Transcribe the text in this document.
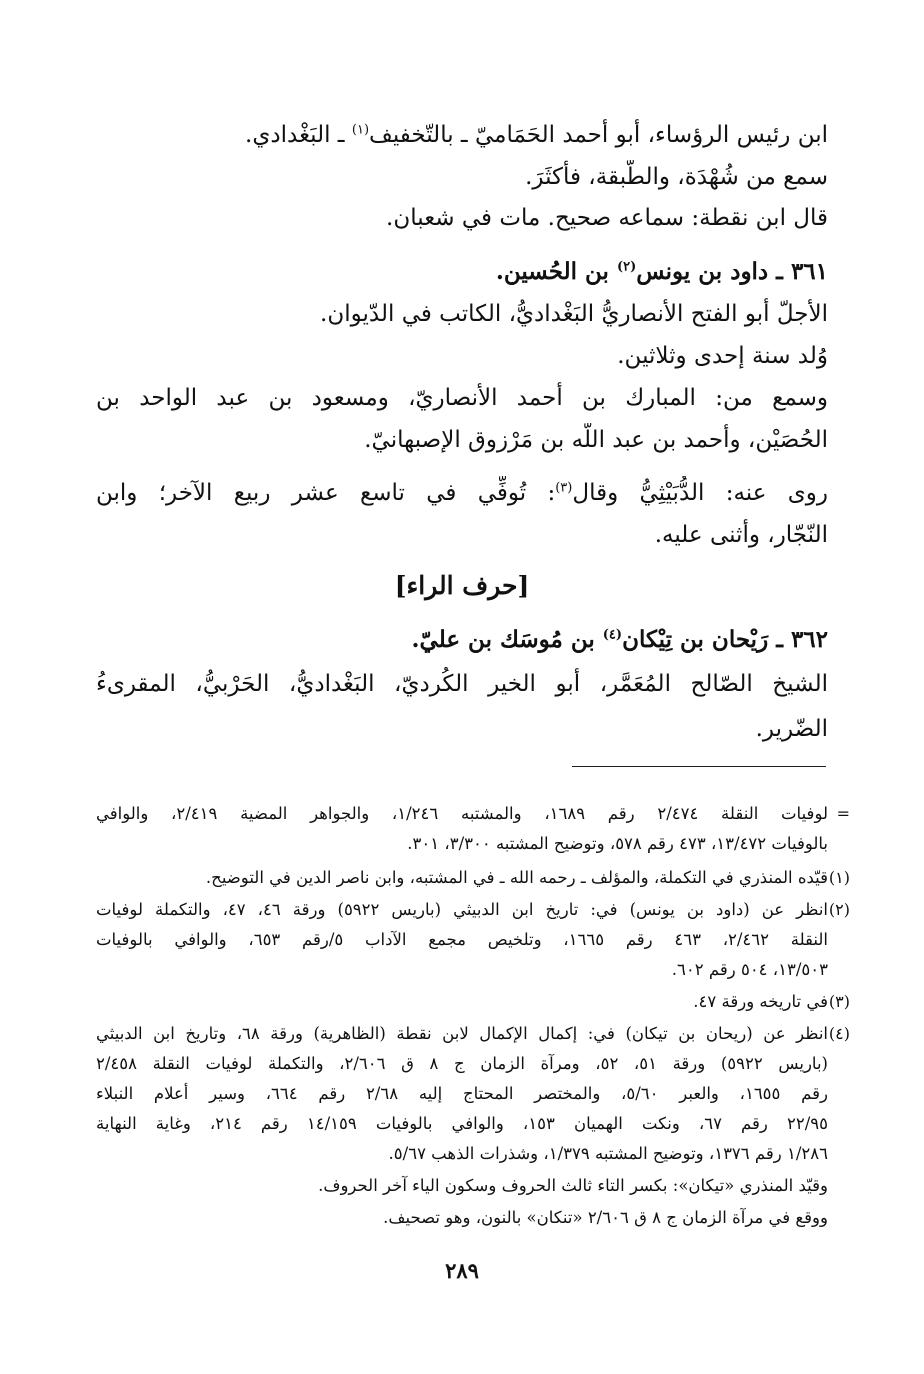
ابن رئيس الرؤساء، أبو أحمد الحَمَاميّ ـ بالتّخفيف$^{(١)}$ ـ البَغْدادي.
سمع من شُهْدَة، والطّبقة، فأكثَرَ.
قال ابن نقطة: سماعه صحيح. مات في شعبان.
٣٦١ ـ داود بن يونس$^{(٢)}$ بن الحُسين.
الأجلّ أبو الفتح الأنصاريُّ البَغْداديُّ، الكاتب في الدّيوان.
وُلد سنة إحدى وثلاثين.
وسمع من: المبارك بن أحمد الأنصاريّ، ومسعود بن عبد الواحد بن
الحُصَيْن، وأحمد بن عبد اللّه بن مَرْزوق الإصبهانيّ.
روى عنه: الدُّبَيْثِيُّ وقال$^{(٣)}$: تُوفِّي في تاسع عشر ربيع الآخر؛ وابن
النّجّار، وأثنى عليه.
[حرف الراء]
٣٦٢ ـ رَيْحان بن تِيْكان$^{(٤)}$ بن مُوسَك بن عليّ.
الشيخ الصّالح المُعَمَّر، أبو الخير الكُرديّ، البَغْداديُّ، الحَرْبيُّ، المقرىءُ
الضّرير.
=
لوفيات النقلة ٢/٤٧٤ رقم ١٦٨٩، والمشتبه ١/٢٤٦، والجواهر المضية ٢/٤١٩، والوافي
بالوفيات ١٣/٤٧٢، ٤٧٣ رقم ٥٧٨، وتوضيح المشتبه ٣/٣٠٠، ٣٠١.
(١)
قيّده المنذري في التكملة، والمؤلف ـ رحمه الله ـ في المشتبه، وابن ناصر الدين في التوضيح.
(٢)
انظر عن (داود بن يونس) في: تاريخ ابن الدبيثي (باريس ٥٩٢٢) ورقة ٤٦، ٤٧، والتكملة لوفيات
النقلة ٢/٤٦٢، ٤٦٣ رقم ١٦٦٥، وتلخيص مجمع الآداب ٥/رقم ٦٥٣، والوافي بالوفيات
١٣/٥٠٣، ٥٠٤ رقم ٦٠٢.
(٣)
في تاريخه ورقة ٤٧.
(٤)
انظر عن (ريحان بن تيكان) في: إكمال الإكمال لابن نقطة (الظاهرية) ورقة ٦٨، وتاريخ ابن الدبيثي
(باريس ٥٩٢٢) ورقة ٥١، ٥٢، ومرآة الزمان ج ٨ ق ٢/٦٠٦، والتكملة لوفيات النقلة ٢/٤٥٨
رقم ١٦٥٥، والعبر ٥/٦٠، والمختصر المحتاج إليه ٢/٦٨ رقم ٦٦٤، وسير أعلام النبلاء
٢٢/٩٥ رقم ٦٧، ونكت الهميان ١٥٣، والوافي بالوفيات ١٤/١٥٩ رقم ٢١٤، وغاية النهاية
١/٢٨٦ رقم ١٣٧٦، وتوضيح المشتبه ١/٣٧٩، وشذرات الذهب ٥/٦٧.
وقيّد المنذري «تيكان»: بكسر التاء ثالث الحروف وسكون الياء آخر الحروف.
ووقع في مرآة الزمان ج ٨ ق ٢/٦٠٦ «تنكان» بالنون، وهو تصحيف.
٢٨٩
